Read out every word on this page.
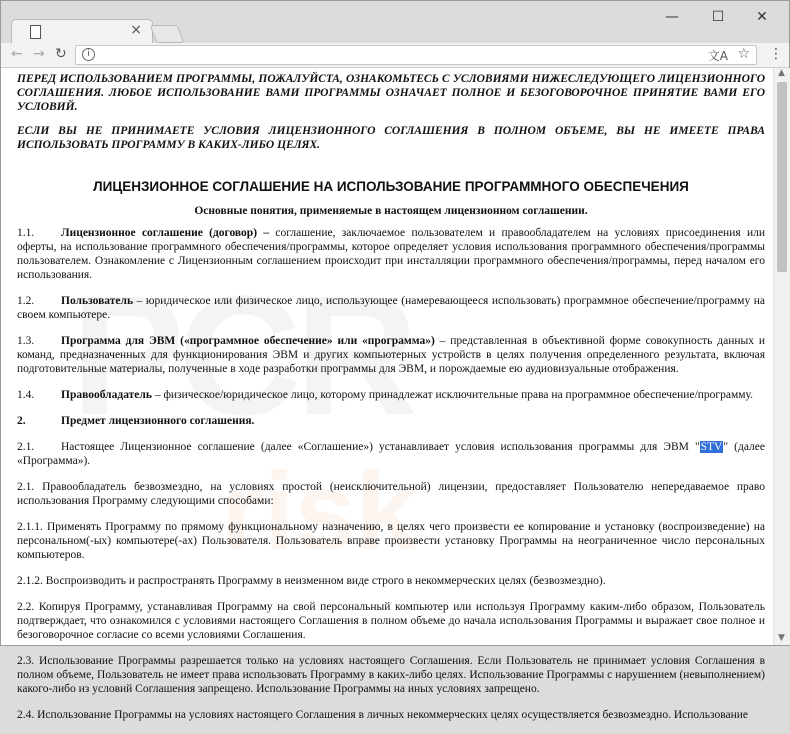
×
—	☐	✕
← → ↻	i	文A ☆ ⋮
risk

ПЕРЕД ИСПОЛЬЗОВАНИЕМ ПРОГРАММЫ, ПОЖАЛУЙСТА, ОЗНАКОМЬТЕСЬ С УСЛОВИЯМИ НИЖЕСЛЕДУЮЩЕГО ЛИЦЕНЗИОННОГО СОГЛАШЕНИЯ. ЛЮБОЕ ИСПОЛЬЗОВАНИЕ ВАМИ ПРОГРАММЫ ОЗНАЧАЕТ ПОЛНОЕ И БЕЗОГОВОРОЧНОЕ ПРИНЯТИЕ ВАМИ ЕГО УСЛОВИЙ.

ЕСЛИ ВЫ НЕ ПРИНИМАЕТЕ УСЛОВИЯ ЛИЦЕНЗИОННОГО СОГЛАШЕНИЯ В ПОЛНОМ ОБЪЕМЕ, ВЫ НЕ ИМЕЕТЕ ПРАВА ИСПОЛЬЗОВАТЬ ПРОГРАММУ В КАКИХ-ЛИБО ЦЕЛЯХ.

ЛИЦЕНЗИОННОЕ СОГЛАШЕНИЕ НА ИСПОЛЬЗОВАНИЕ ПРОГРАММНОГО ОБЕСПЕЧЕНИЯ
Основные понятия, применяемые в настоящем лицензионном соглашении.

1.1. Лицензионное соглашение (договор) – соглашение, заключаемое пользователем и правообладателем на условиях присоединения или оферты, на использование программного обеспечения/программы, которое определяет условия использования программного обеспечения/программы пользователем. Ознакомление с Лицензионным соглашением происходит при инсталляции программного обеспечения/программы, перед началом его использования.

1.2. Пользователь – юридическое или физическое лицо, использующее (намеревающееся использовать) программное обеспечение/программу на своем компьютере.

1.3. Программа для ЭВМ («программное обеспечение» или «программа») – представленная в объективной форме совокупность данных и команд, предназначенных для функционирования ЭВМ и других компьютерных устройств в целях получения определенного результата, включая подготовительные материалы, полученные в ходе разработки программы для ЭВМ, и порождаемые ею аудиовизуальные отображения.

1.4. Правообладатель – физическое/юридическое лицо, которому принадлежат исключительные права на программное обеспечение/программу.

2.	Предмет лицензионного соглашения.

2.1. Настоящее Лицензионное соглашение (далее «Соглашение») устанавливает условия использования программы для ЭВМ "STV" (далее «Программа»).

2.1. Правообладатель безвозмездно, на условиях простой (неисключительной) лицензии, предоставляет Пользователю непередаваемое право использования Программу следующими способами:

2.1.1. Применять Программу по прямому функциональному назначению, в целях чего произвести ее копирование и установку (воспроизведение) на персональном(-ых) компьютере(-ах) Пользователя. Пользователь вправе произвести установку Программы на неограниченное число персональных компьютеров.

2.1.2. Воспроизводить и распространять Программу в неизменном виде строго в некоммерческих целях (безвозмездно).

2.2. Копируя Программу, устанавливая Программу на свой персональный компьютер или используя Программу каким-либо образом, Пользователь подтверждает, что ознакомился с условиями настоящего Соглашения в полном объеме до начала использования Программы и выражает свое полное и безоговорочное согласие со всеми условиями Соглашения.

2.3. Использование Программы разрешается только на условиях настоящего Соглашения. Если Пользователь не принимает условия Соглашения в полном объеме, Пользователь не имеет права использовать Программу в каких-либо целях. Использование Программы с нарушением (невыполнением) какого-либо из условий Соглашения запрещено. Использование Программы на иных условиях запрещено.

2.4. Использование Программы на условиях настоящего Соглашения в личных некоммерческих целях осуществляется безвозмездно. Использование

▲
▼
